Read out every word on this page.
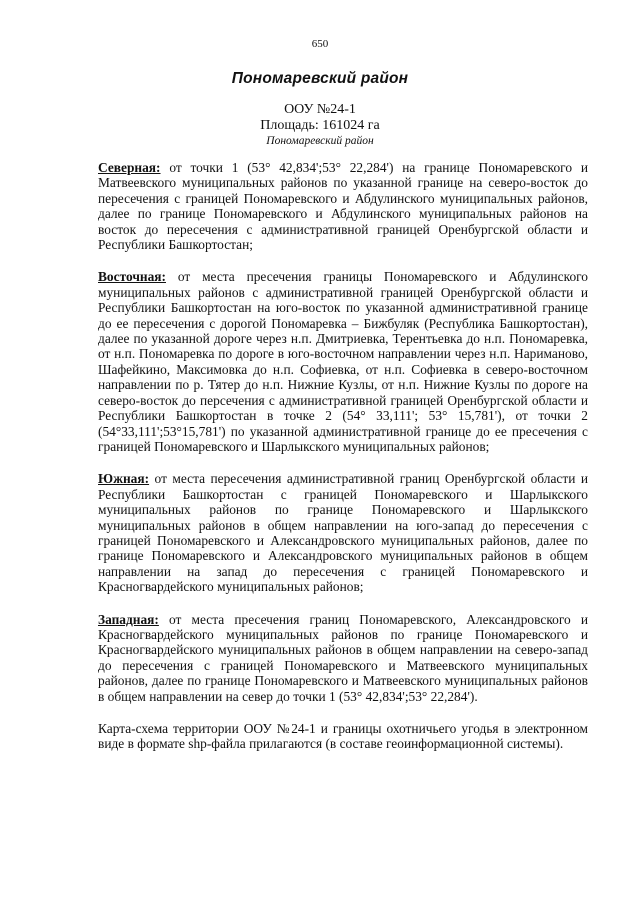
650
Пономаревский район
ООУ №24-1
Площадь: 161024 га
Пономаревский район

Северная: от точки 1 (53° 42,834';53° 22,284') на границе Пономаревского и Матвеевского муниципальных районов по указанной границе на северо-восток до пересечения с границей Пономаревского и Абдулинского муниципальных районов, далее по границе Пономаревского и Абдулинского муниципальных районов на восток до пересечения с административной границей Оренбургской области и Республики Башкортостан;

Восточная: от места пресечения границы Пономаревского и Абдулинского муниципальных районов с административной границей Оренбургской области и Республики Башкортостан на юго-восток по указанной административной границе до ее пересечения с дорогой Пономаревка – Бижбуляк (Республика Башкортостан), далее по указанной дороге через н.п. Дмитриевка, Терентьевка до н.п. Пономаревка, от н.п. Пономаревка по дороге в юго-восточном направлении через н.п. Нариманово, Шафейкино, Максимовка до н.п. Софиевка, от н.п. Софиевка в северо-восточном направлении по р. Тятер до н.п. Нижние Кузлы, от н.п. Нижние Кузлы по дороге на северо-восток до персечения с административной границей Оренбургской области и Республики Башкортостан в точке 2 (54° 33,111'; 53° 15,781'), от точки 2 (54°33,111';53°15,781') по указанной административной границе до ее пресечения с границей Пономаревского и Шарлыкского муниципальных районов;

Южная: от места пересечения административной границ Оренбургской области и Республики Башкортостан с границей Пономаревского и Шарлыкского муниципальных районов по границе Пономаревского и Шарлыкского муниципальных районов в общем направлении на юго-запад до пересечения с границей Пономаревского и Александровского муниципальных районов, далее по границе Пономаревского и Александровского муниципальных районов в общем направлении на запад до пересечения с границей Пономаревского и Красногвардейского муниципальных районов;

Западная: от места пресечения границ Пономаревского, Александровского и Красногвардейского муниципальных районов по границе Пономаревского и Красногвардейского муниципальных районов в общем направлении на северо-запад до пересечения с границей Пономаревского и Матвеевского муниципальных районов, далее по границе Пономаревского и Матвеевского муниципальных районов в общем направлении на север до точки 1 (53° 42,834';53° 22,284').

Карта-схема территории ООУ №24-1 и границы охотничьего угодья в электронном виде в формате shp-файла прилагаются (в составе геоинформационной системы).
